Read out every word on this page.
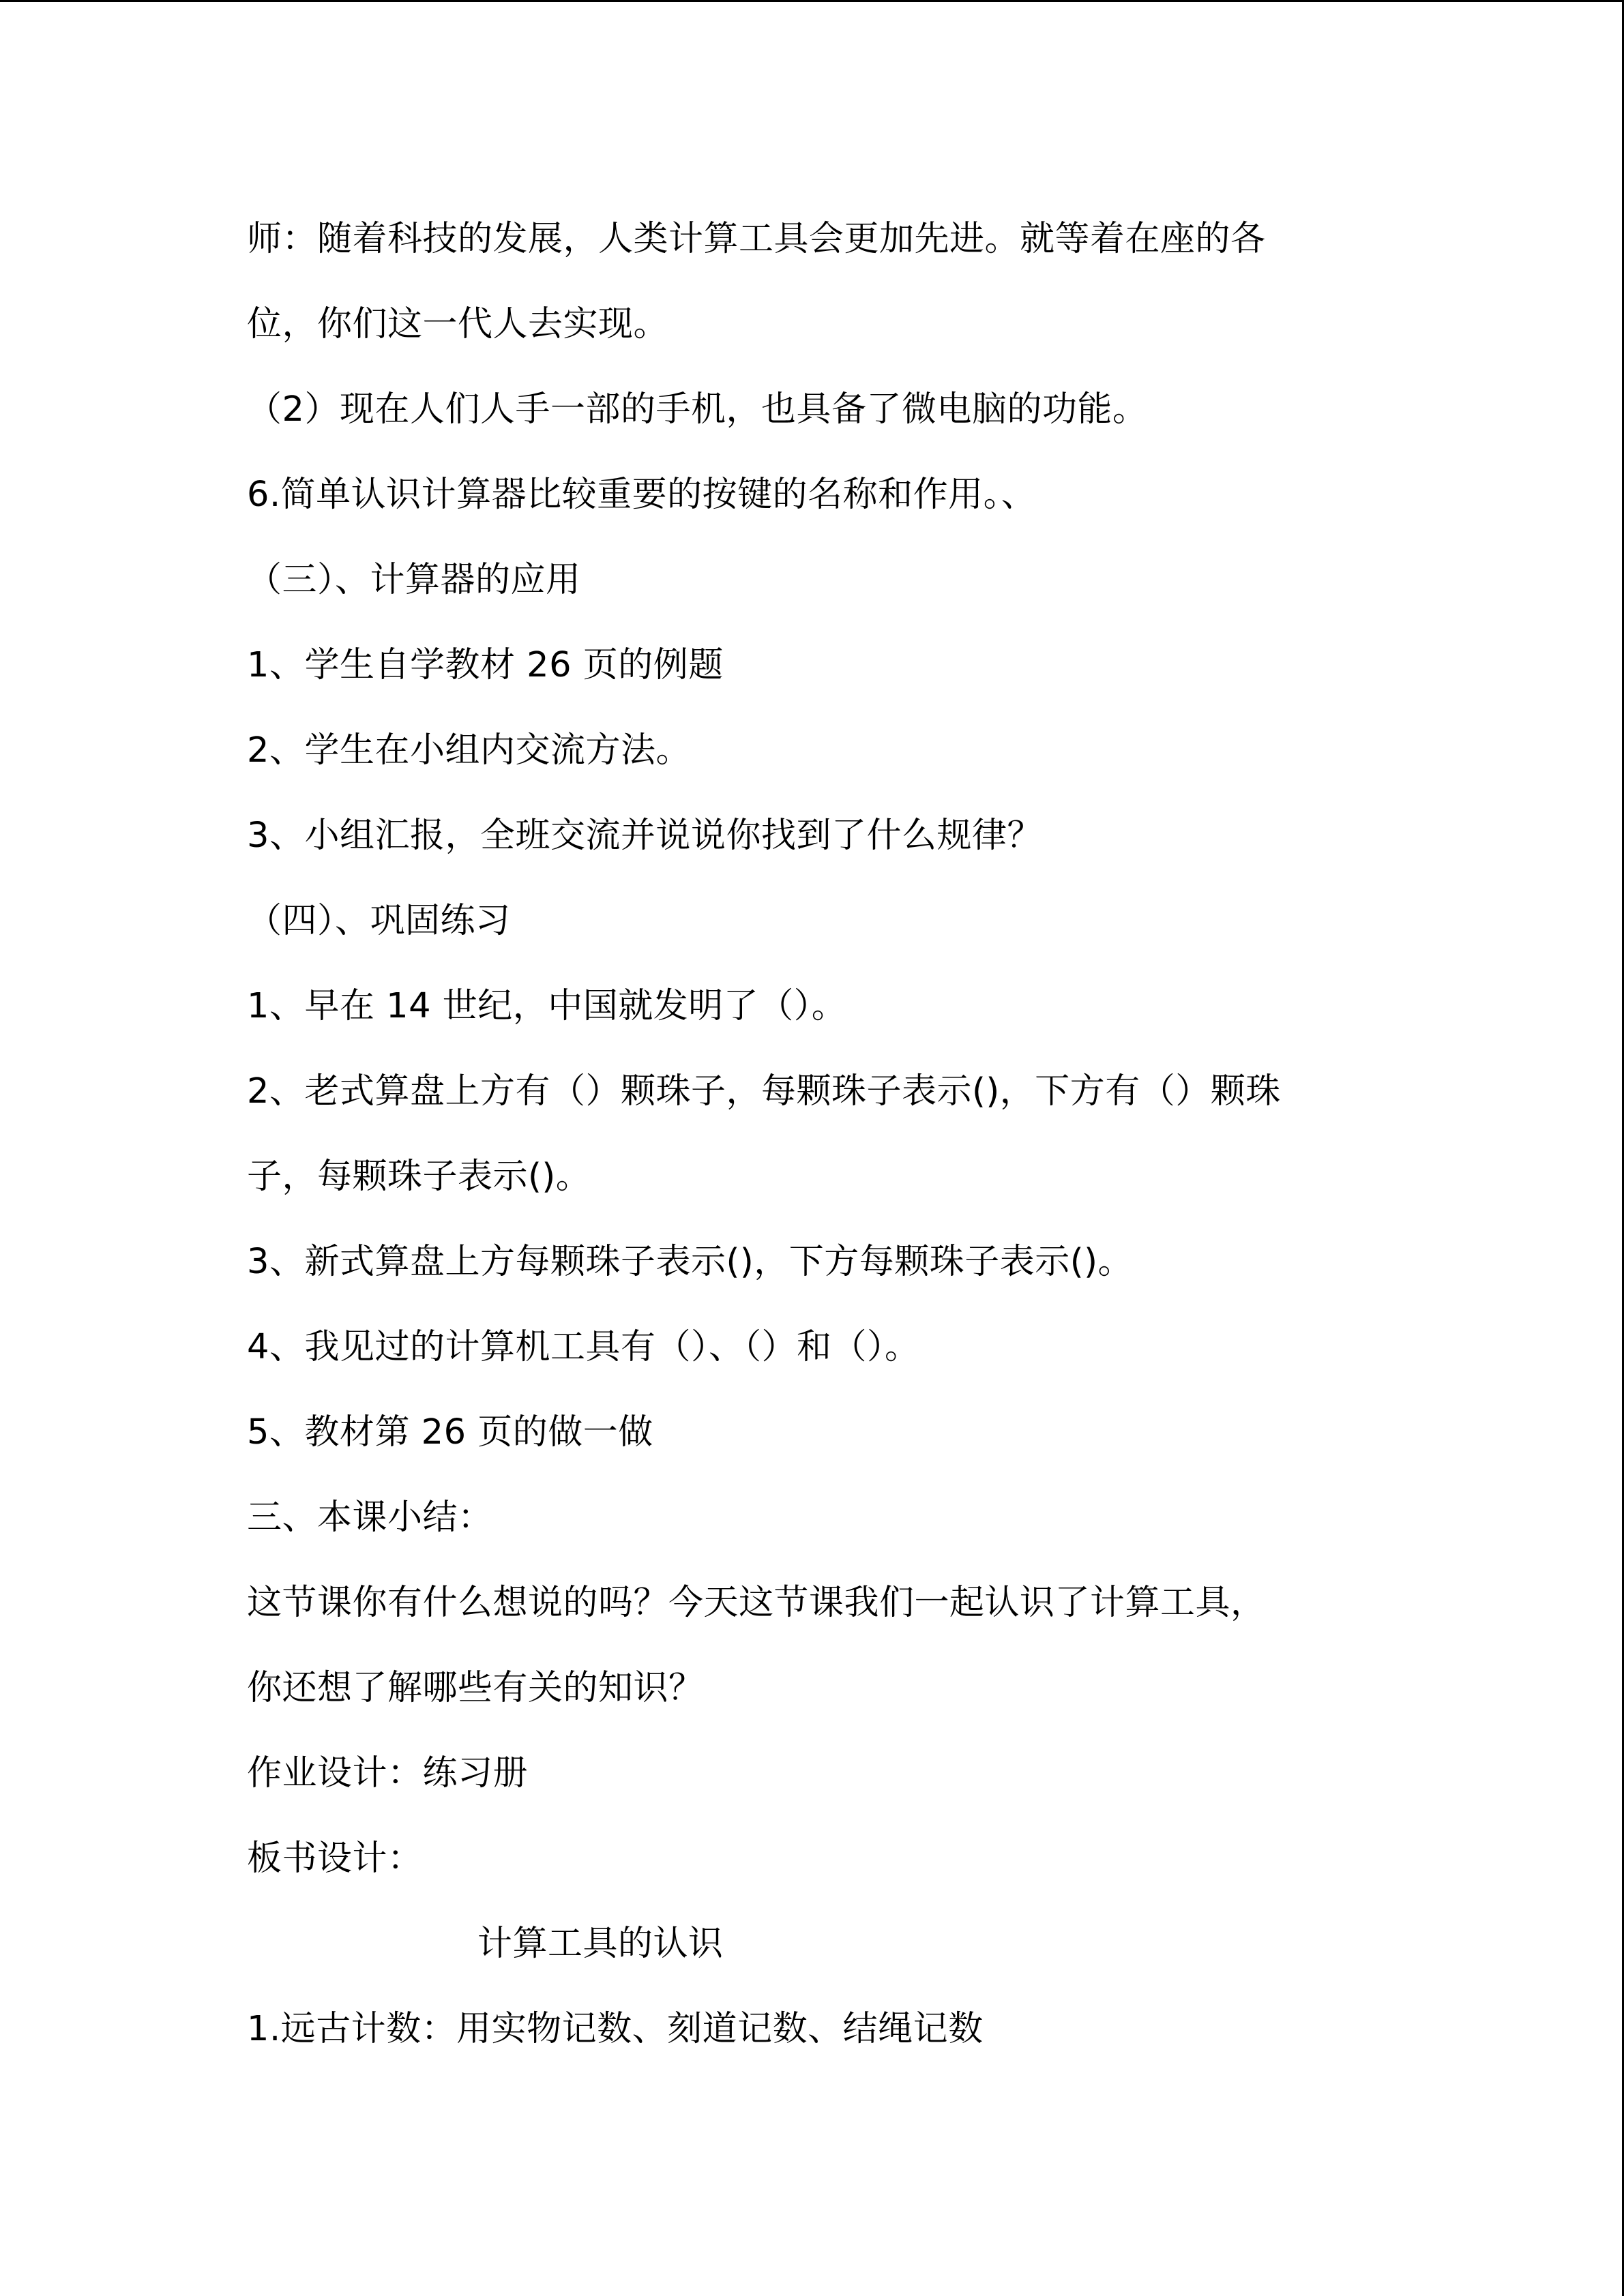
师：随着科技的发展，人类计算工具会更加先进。就等着在座的各
位，你们这一代人去实现。
（2）现在人们人手一部的手机，也具备了微电脑的功能。
6.简单认识计算器比较重要的按键的名称和作用。、
（三）、计算器的应用
1、学生自学教材 26 页的例题
2、学生在小组内交流方法。
3、小组汇报，全班交流并说说你找到了什么规律？
（四）、巩固练习
1、早在 14 世纪，中国就发明了（）。
2、老式算盘上方有（）颗珠子，每颗珠子表示()，下方有（）颗珠
子，每颗珠子表示()。
3、新式算盘上方每颗珠子表示()，下方每颗珠子表示()。
4、我见过的计算机工具有（）、（）和（）。
5、教材第 26 页的做一做
三、本课小结：
这节课你有什么想说的吗？今天这节课我们一起认识了计算工具，
你还想了解哪些有关的知识？
作业设计：练习册
板书设计：
计算工具的认识
1.远古计数：用实物记数、刻道记数、结绳记数
